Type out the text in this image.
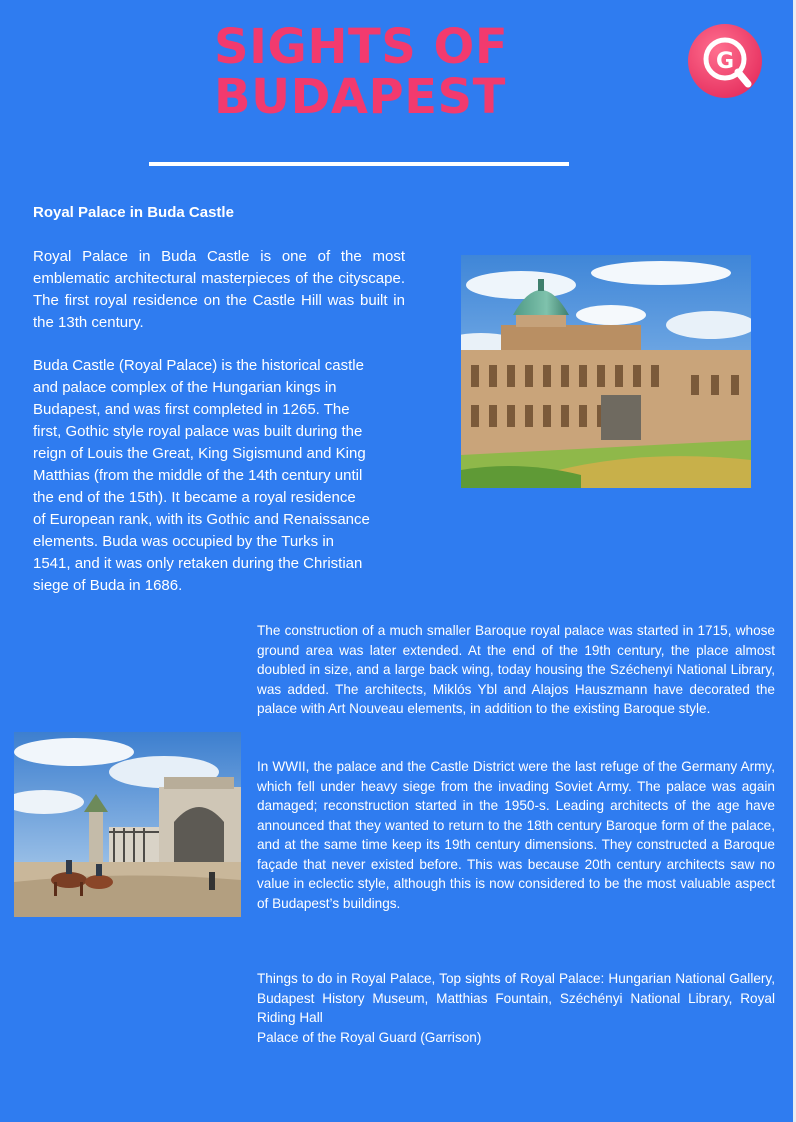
SIGHTS OF
BUDAPEST
G
Royal Palace in Buda Castle

Royal Palace in Buda Castle is one of the most emblematic architectural masterpieces of the cityscape. The first royal residence on the Castle Hill was built in the 13th century.

Buda Castle (Royal Palace) is the historical castle
and palace complex of the Hungarian kings in
Budapest, and was first completed in 1265. The
first, Gothic style royal palace was built during the
reign of Louis the Great, King Sigismund and King
Matthias (from the middle of the 14th century until
the end of the 15th). It became a royal residence
of European rank, with its Gothic and Renaissance
elements. Buda was occupied by the Turks in
1541, and it was only retaken during the Christian
siege of Buda in 1686.

The construction of a much smaller Baroque royal palace was started in 1715, whose ground area was later extended. At the end of the 19th century, the place almost doubled in size, and a large back wing, today housing the Széchenyi National Library, was added. The architects, Miklós Ybl and Alajos Hauszmann have decorated the palace with Art Nouveau elements, in addition to the existing Baroque style.

In WWII, the palace and the Castle District were the last refuge of the Germany Army, which fell under heavy siege from the invading Soviet Army. The palace was again damaged; reconstruction started in the 1950-s. Leading architects of the age have announced that they wanted to return to the 18th century Baroque form of the palace, and at the same time keep its 19th century dimensions. They constructed a Baroque façade that never existed before. This was because 20th century architects saw no value in eclectic style, although this is now considered to be the most valuable aspect of Budapest’s buildings.

Things to do in Royal Palace, Top sights of Royal Palace: Hungarian National Gallery, Budapest History Museum, Matthias Fountain, Széchényi National Library, Royal Riding Hall

Palace of the Royal Guard (Garrison)
